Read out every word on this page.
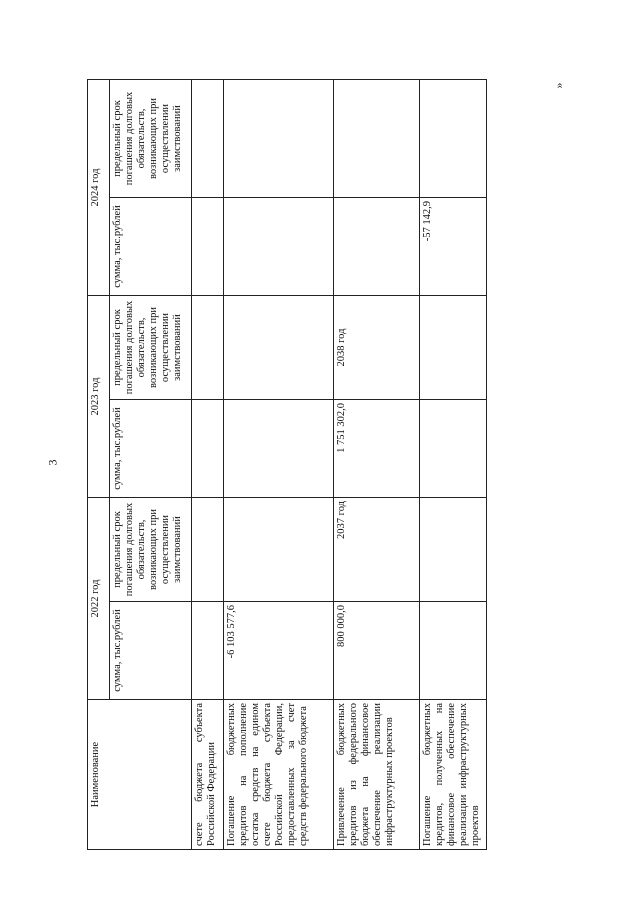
3
Наименование	2022 год		2023 год		2024 год	
	сумма, тыс.рублей	предельный срок погашения долговых обязательств, возникающих при осуществлении заимствований	сумма, тыс.рублей	предельный срок погашения долговых обязательств, возникающих при осуществлении заимствований	сумма, тыс.рублей	предельный срок погашения долговых обязательств, возникающих при осуществлении заимствований
счете бюджета субъекта Российской Федерации						
Погашение бюджетных кредитов на пополнение остатка средств на едином счете бюджета субъекта Российской Федерации, предоставленных за счет средств федерального бюджета	-6 103 577,6					
Привлечение бюджетных кредитов из федерального бюджета на финансовое обеспечение реализации инфраструктурных проектов	800 000,0	2037 год	1 751 302,0	2038 год		
Погашение бюджетных кредитов, полученных на финансовое обеспечение реализации инфраструктурных проектов					-57 142,9	
»
